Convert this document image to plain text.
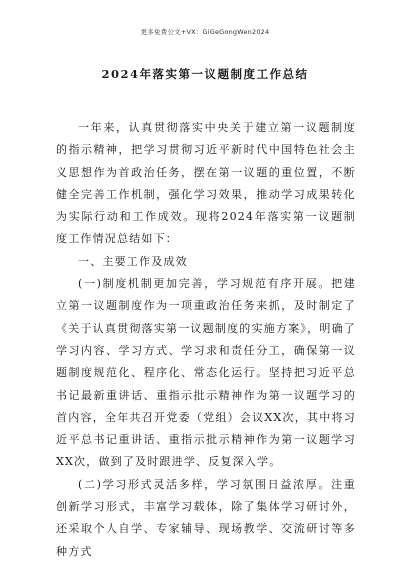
更多免费公文+VX：GiGeGongWen2024
2024年落实第一议题制度工作总结

一年来，认真贯彻落实中央关于建立第一议题制度的指示精神，把学习贯彻习近平新时代中国特色社会主义思想作为首政治任务，摆在第一议题的重位置，不断健全完善工作机制，强化学习效果，推动学习成果转化为实际行动和工作成效。现将2024年落实第一议题制度工作情况总结如下：

一、主要工作及成效

(一)制度机制更加完善，学习规范有序开展。把建立第一议题制度作为一项重政治任务来抓，及时制定了《关于认真贯彻落实第一议题制度的实施方案》，明确了学习内容、学习方式、学习求和责任分工，确保第一议题制度规范化、程序化、常态化运行。坚持把习近平总书记最新重讲话、重指示批示精神作为第一议题学习的首内容，全年共召开党委（党组）会议XX次，其中将习近平总书记重讲话、重指示批示精神作为第一议题学习XX次，做到了及时跟进学、反复深入学。

(二)学习形式灵活多样，学习氛围日益浓厚。注重创新学习形式，丰富学习载体，除了集体学习研讨外，还采取个人自学、专家辅导、现场教学、交流研讨等多种方式
